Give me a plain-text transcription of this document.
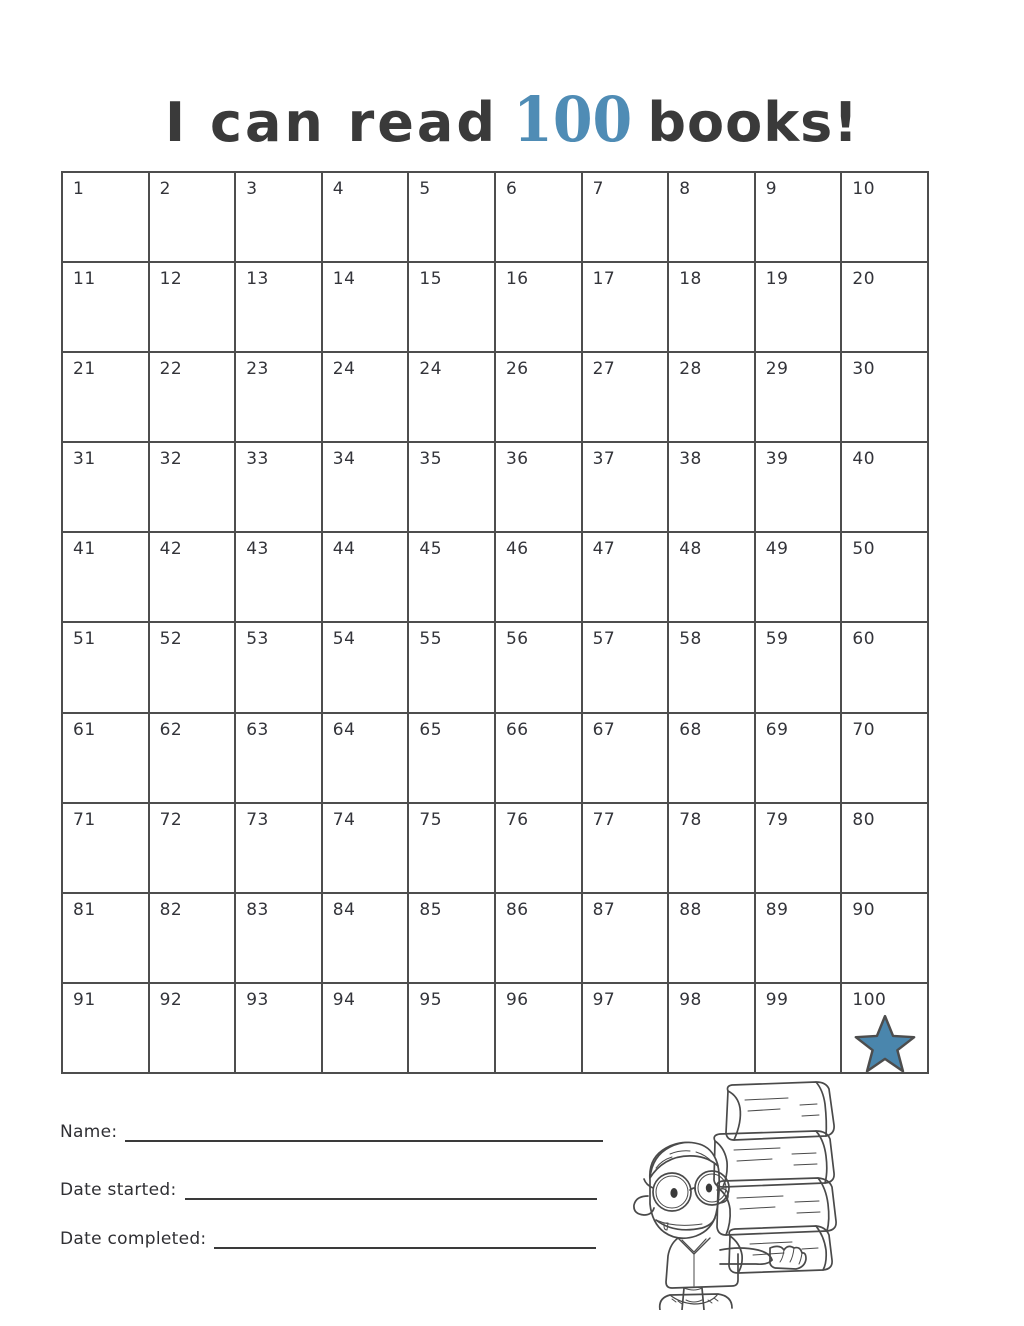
I can read 100 books!
1	2	3	4	5	6	7	8	9	10
11	12	13	14	15	16	17	18	19	20
21	22	23	24	24	26	27	28	29	30
31	32	33	34	35	36	37	38	39	40
41	42	43	44	45	46	47	48	49	50
51	52	53	54	55	56	57	58	59	60
61	62	63	64	65	66	67	68	69	70
71	72	73	74	75	76	77	78	79	80
81	82	83	84	85	86	87	88	89	90
91	92	93	94	95	96	97	98	99	100
Name:
Date started:
Date completed:
